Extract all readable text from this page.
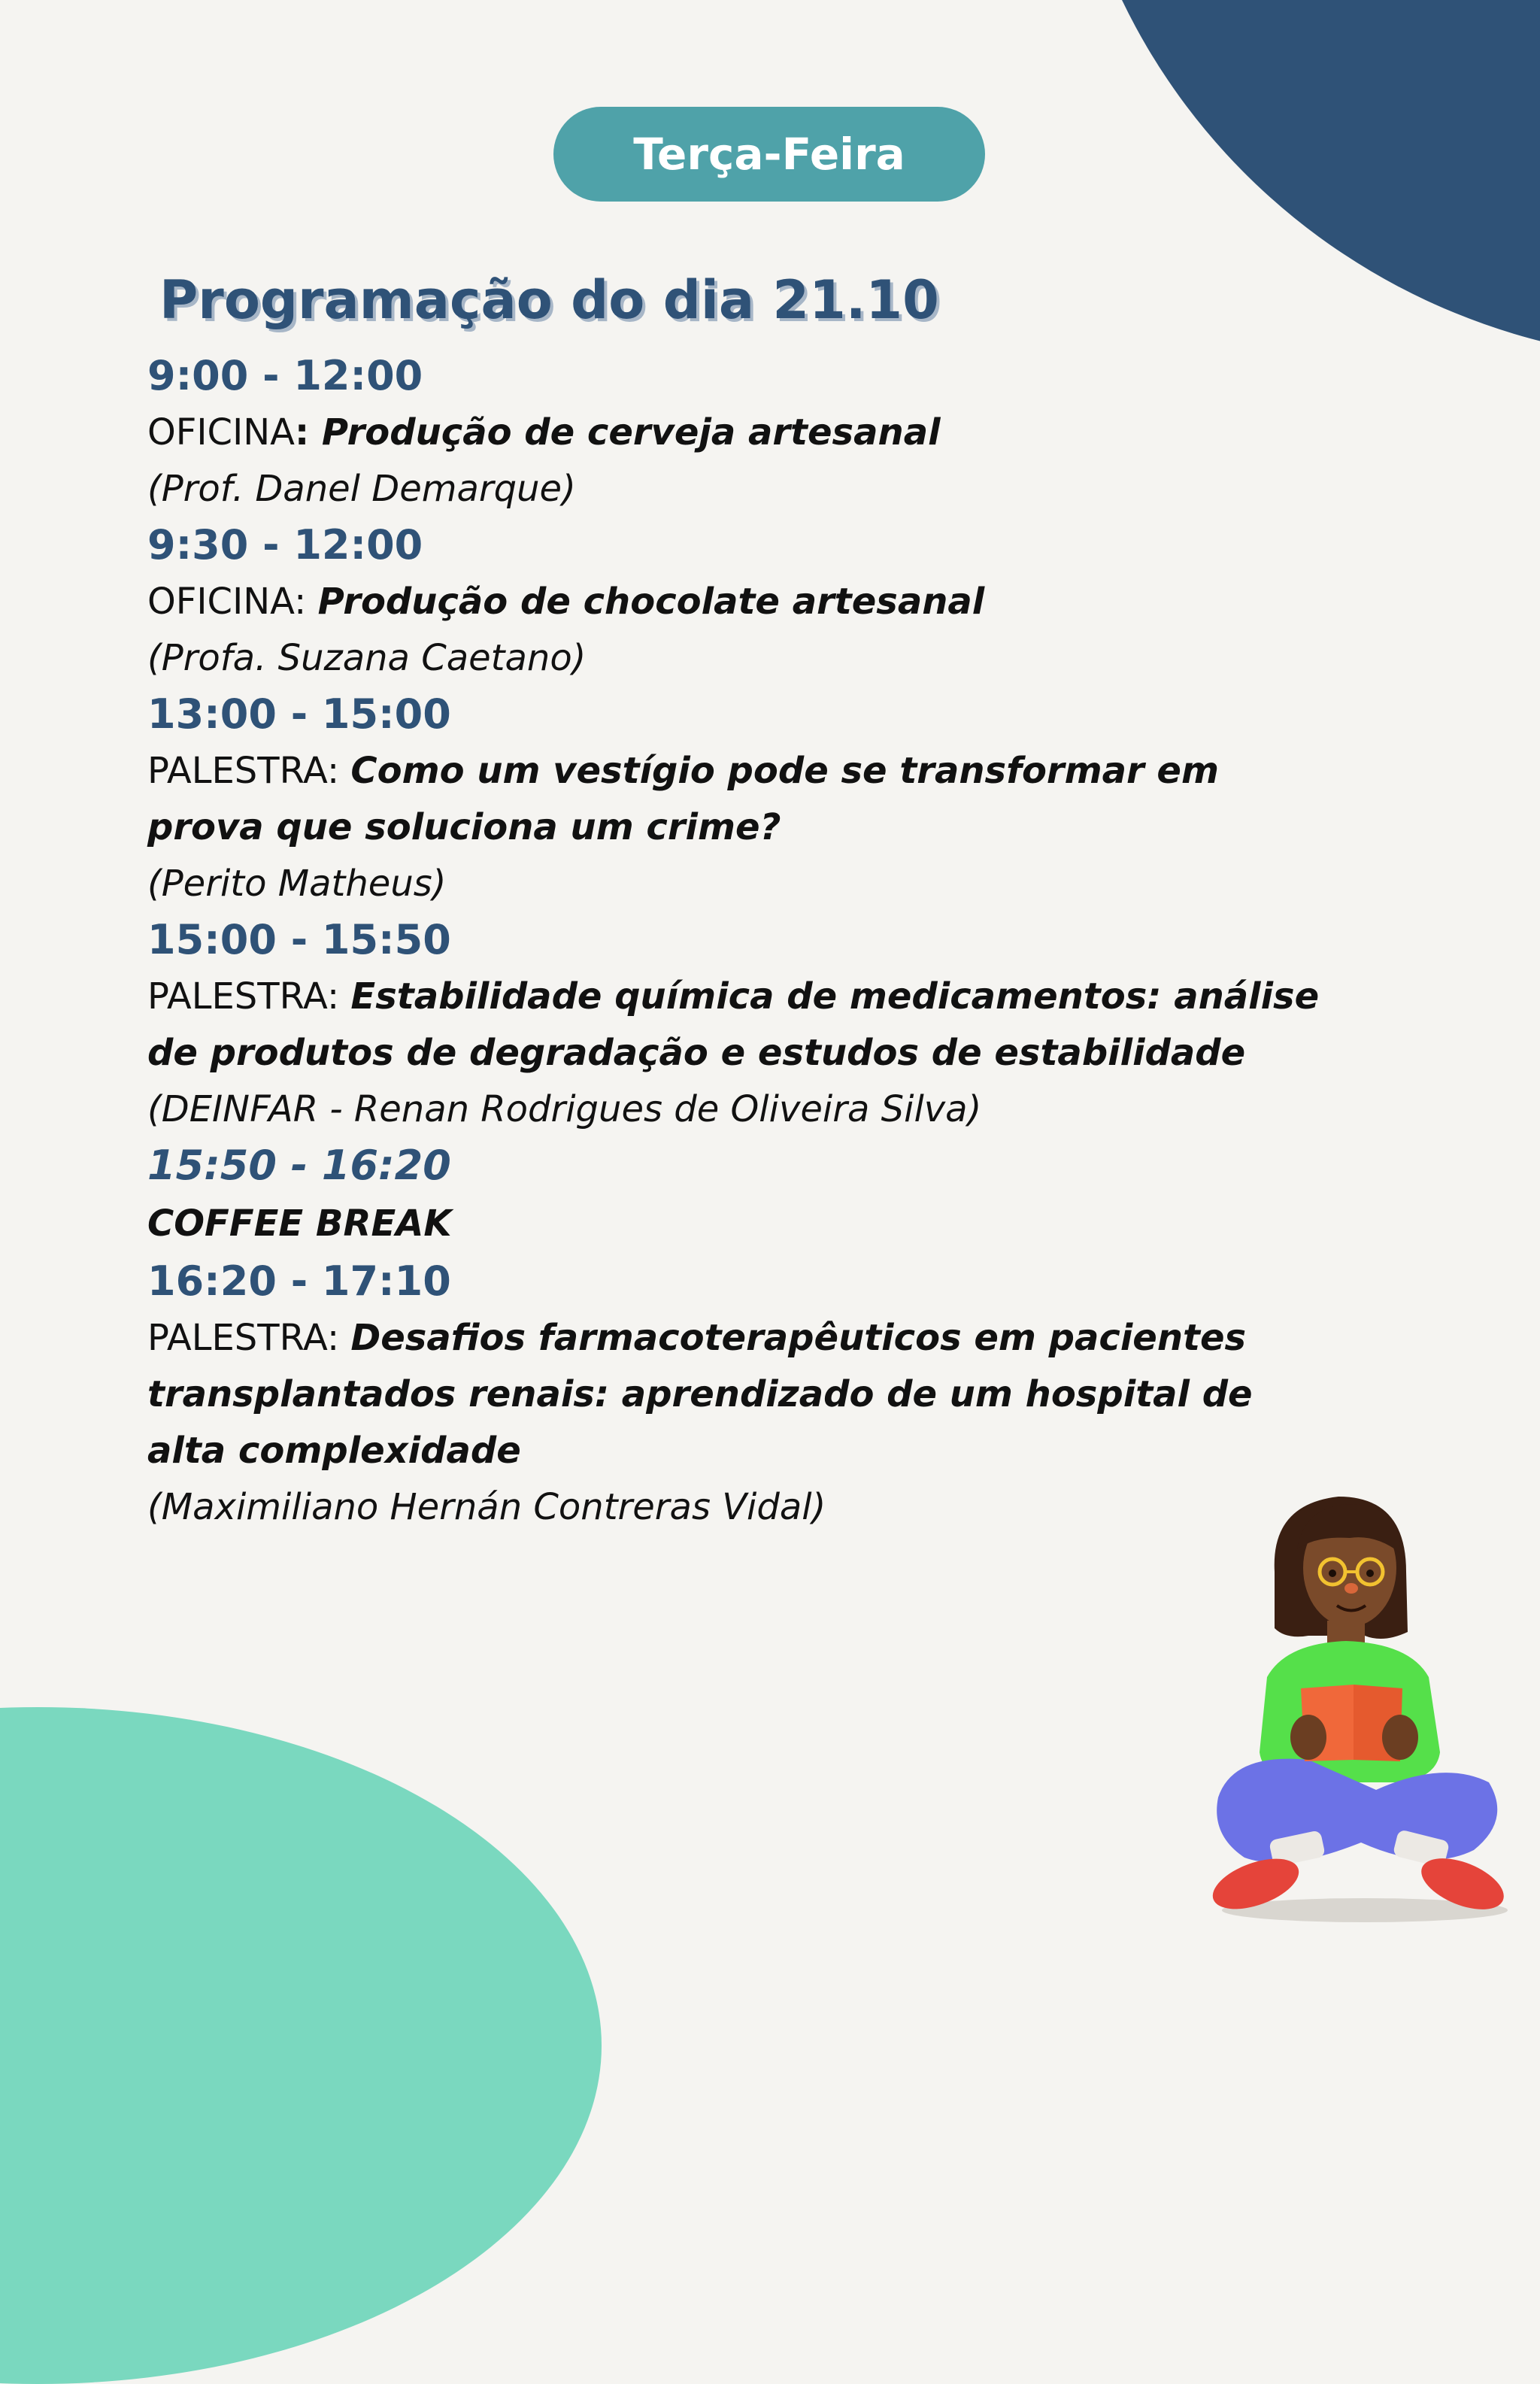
Terça-Feira
Programação do dia 21.10
9:00 - 12:00
OFICINA: Produção de cerveja artesanal
(Prof. Danel Demarque)
9:30 - 12:00
OFICINA: Produção de chocolate artesanal
(Profa. Suzana Caetano)
13:00 - 15:00
PALESTRA: Como um vestígio pode se transformar em prova que soluciona um crime?
(Perito Matheus)
15:00 - 15:50
PALESTRA: Estabilidade química de medicamentos: análise de produtos de degradação e estudos de estabilidade
(DEINFAR - Renan Rodrigues de Oliveira Silva)
15:50 - 16:20
COFFEE BREAK
16:20 - 17:10
PALESTRA: Desafios farmacoterapêuticos em pacientes transplantados renais: aprendizado de um hospital de alta complexidade
(Maximiliano Hernán Contreras Vidal)
